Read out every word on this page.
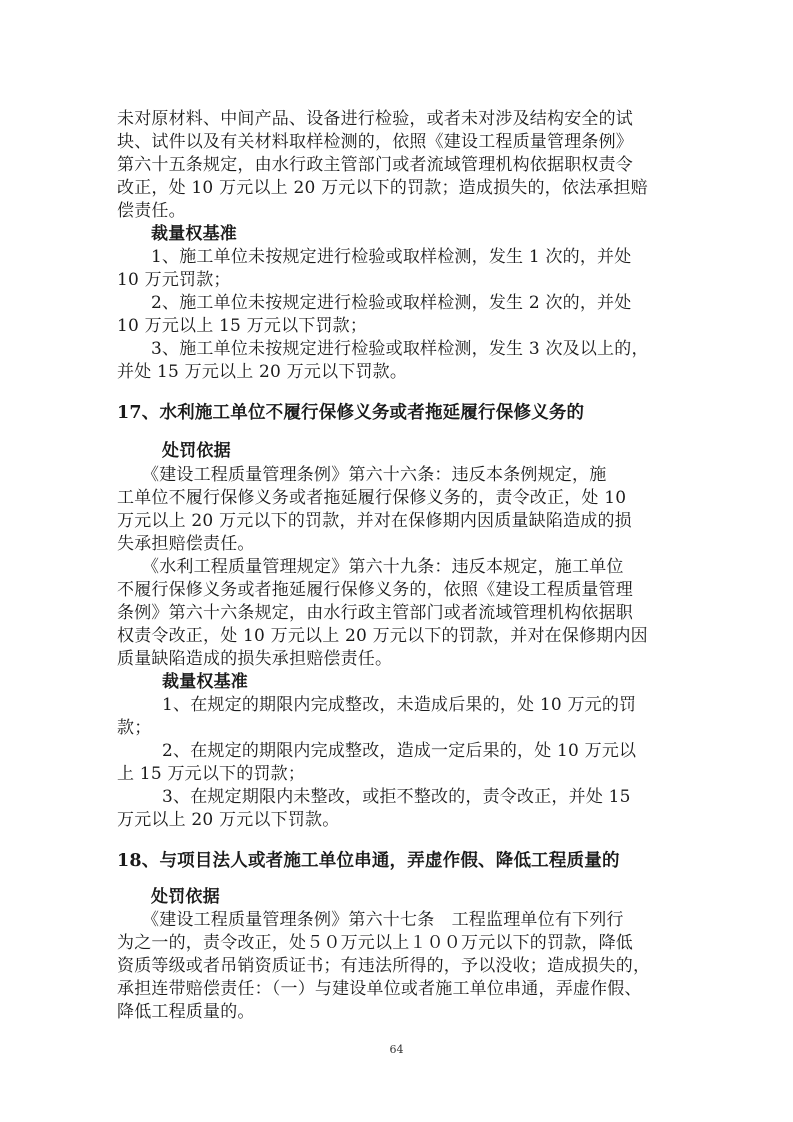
未对原材料、中间产品、设备进行检验，或者未对涉及结构安全的试
块、试件以及有关材料取样检测的，依照《建设工程质量管理条例》
第六十五条规定，由水行政主管部门或者流域管理机构依据职权责令
改正，处 10 万元以上 20 万元以下的罚款；造成损失的，依法承担赔
偿责任。
裁量权基准
1、施工单位未按规定进行检验或取样检测，发生 1 次的，并处
10 万元罚款；
2、施工单位未按规定进行检验或取样检测，发生 2 次的，并处
10 万元以上 15 万元以下罚款；
3、施工单位未按规定进行检验或取样检测，发生 3 次及以上的，
并处 15 万元以上 20 万元以下罚款。
17、水利施工单位不履行保修义务或者拖延履行保修义务的
处罚依据
《建设工程质量管理条例》第六十六条：违反本条例规定，施
工单位不履行保修义务或者拖延履行保修义务的，责令改正，处 10
万元以上 20 万元以下的罚款，并对在保修期内因质量缺陷造成的损
失承担赔偿责任。
《水利工程质量管理规定》第六十九条：违反本规定，施工单位
不履行保修义务或者拖延履行保修义务的，依照《建设工程质量管理
条例》第六十六条规定，由水行政主管部门或者流域管理机构依据职
权责令改正，处 10 万元以上 20 万元以下的罚款，并对在保修期内因
质量缺陷造成的损失承担赔偿责任。
裁量权基准
1、在规定的期限内完成整改，未造成后果的，处 10 万元的罚
款；
2、在规定的期限内完成整改，造成一定后果的，处 10 万元以
上 15 万元以下的罚款；
3、在规定期限内未整改，或拒不整改的，责令改正，并处 15
万元以上 20 万元以下罚款。
18、与项目法人或者施工单位串通，弄虚作假、降低工程质量的
处罚依据
《建设工程质量管理条例》第六十七条　工程监理单位有下列行
为之一的，责令改正，处５０万元以上１００万元以下的罚款，降低
资质等级或者吊销资质证书；有违法所得的，予以没收；造成损失的，
承担连带赔偿责任：（一）与建设单位或者施工单位串通，弄虚作假、
降低工程质量的。
64
